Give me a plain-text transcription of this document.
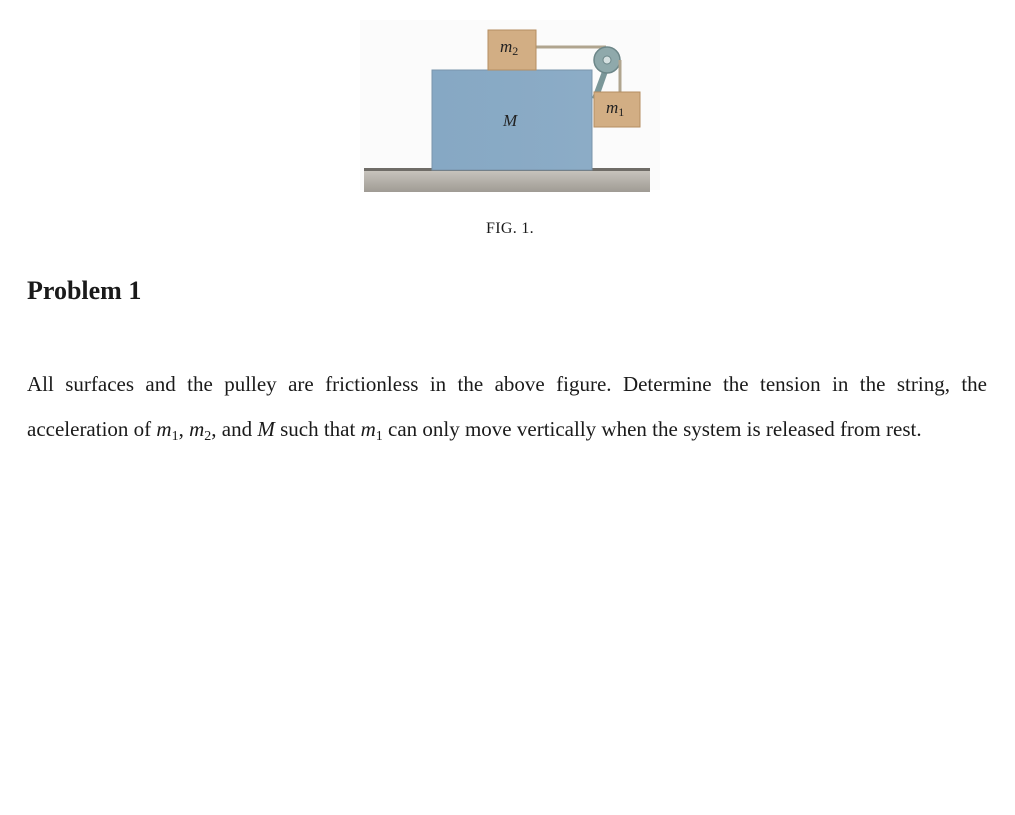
$m_2$
M
$m_1$
FIG. 1.
Problem 1

All surfaces and the pulley are frictionless in the above figure. Determine the tension in the string, the acceleration of $m_1$, $m_2$, and M such that $m_1$ can only move vertically when the system is released from rest.
